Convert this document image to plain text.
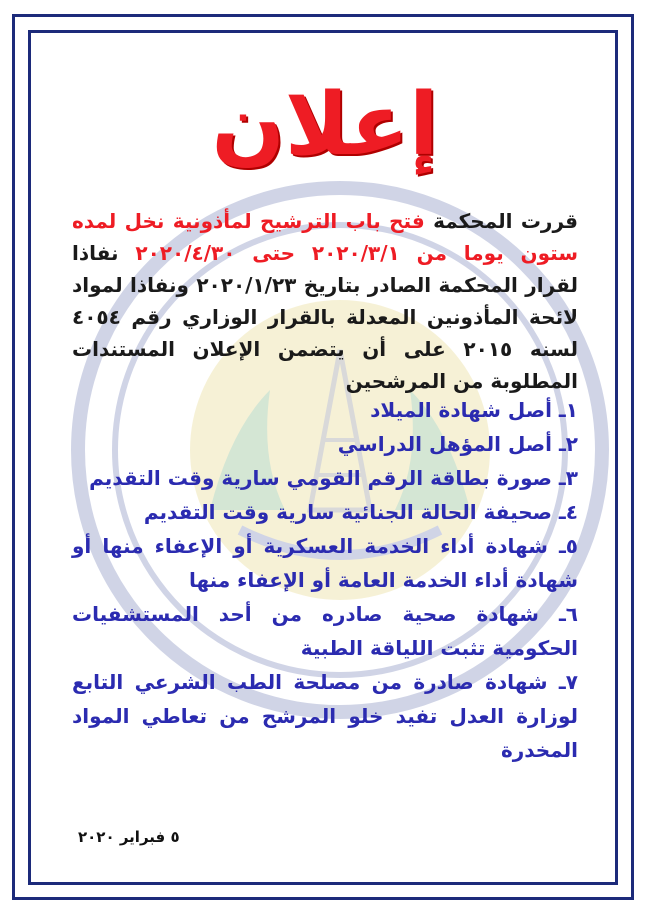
إعلان
قررت المحكمة فتح باب الترشيح لمأذونية نخل لمده ستون يوما من ٢٠٢٠/٣/١ حتى ٢٠٢٠/٤/٣٠ نفاذا لقرار المحكمة الصادر بتاريخ ٢٠٢٠/١/٢٣ ونفاذا لمواد لائحة المأذونين المعدلة بالقرار الوزاري رقم ٤٠٥٤ لسنه ٢٠١٥ على أن يتضمن الإعلان المستندات المطلوبة من المرشحين
١ـ أصل شهادة الميلاد
٢ـ أصل المؤهل الدراسي
٣ـ صورة بطاقة الرقم القومي سارية وقت التقديم
٤ـ صحيفة الحالة الجنائية سارية وقت التقديم
٥ـ شهادة أداء الخدمة العسكرية أو الإعفاء منها أو شهادة أداء الخدمة العامة أو الإعفاء منها
٦ـ شهادة صحية صادره من أحد المستشفيات الحكومية تثبت اللياقة الطبية
٧ـ شهادة صادرة من مصلحة الطب الشرعي التابع لوزارة العدل تفيد خلو المرشح من تعاطي المواد المخدرة
٥ فبراير ٢٠٢٠
